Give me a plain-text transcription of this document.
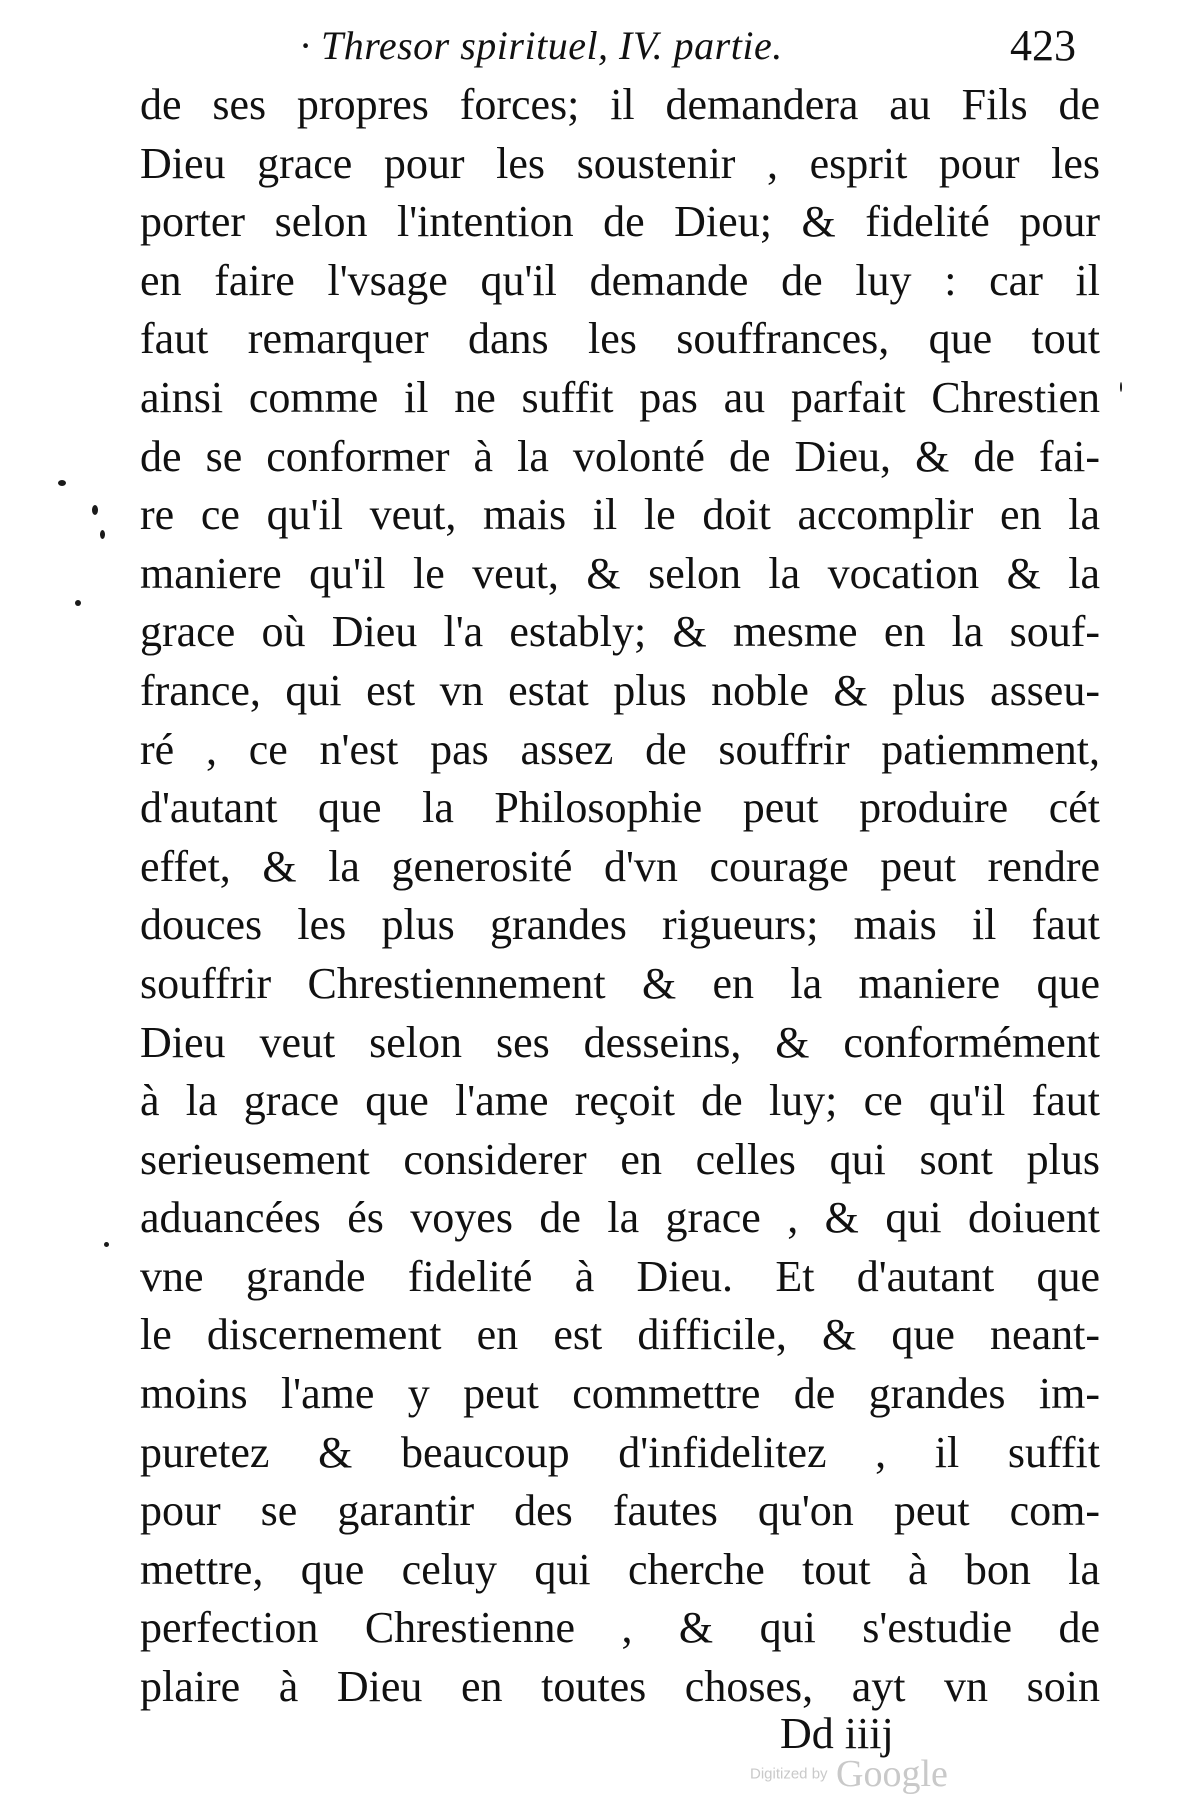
· Thresor spirituel, IV. partie.	423
de ses propres forces; il demandera au Fils de
Dieu grace pour les soustenir , esprit pour les
porter selon l'intention de Dieu; & fidelité pour
en faire l'vsage qu'il demande de luy : car il
faut remarquer dans les souffrances, que tout
ainsi comme il ne suffit pas au parfait Chrestien
de se conformer à la volonté de Dieu, & de fai-
re ce qu'il veut, mais il le doit accomplir en la
maniere qu'il le veut, & selon la vocation & la
grace où Dieu l'a estably; & mesme en la souf-
france, qui est vn estat plus noble & plus asseu-
ré , ce n'est pas assez de souffrir patiemment,
d'autant que la Philosophie peut produire cét
effet, & la generosité d'vn courage peut rendre
douces les plus grandes rigueurs; mais il faut
souffrir Chrestiennement & en la maniere que
Dieu veut selon ses desseins, & conformément
à la grace que l'ame reçoit de luy; ce qu'il faut
serieusement considerer en celles qui sont plus
aduancées és voyes de la grace , & qui doiuent
vne grande fidelité à Dieu. Et d'autant que
le discernement en est difficile, & que neant-
moins l'ame y peut commettre de grandes im-
puretez & beaucoup d'infidelitez , il suffit
pour se garantir des fautes qu'on peut com-
mettre, que celuy qui cherche tout à bon la
perfection Chrestienne , & qui s'estudie de
plaire à Dieu en toutes choses, ayt vn soin
Dd iiij
Digitized by Google
